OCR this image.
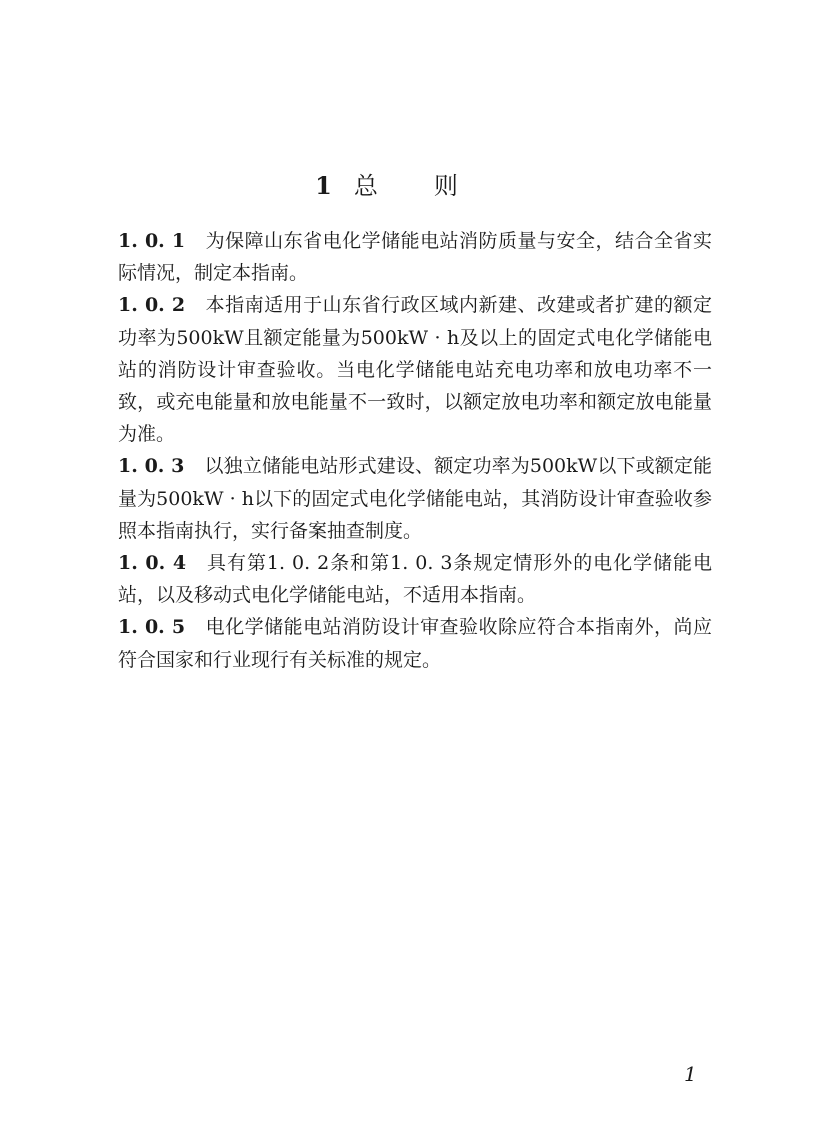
1 总则

1. 0. 1 为保障山东省电化学储能电站消防质量与安全，结合全省实际情况，制定本指南。

1. 0. 2 本指南适用于山东省行政区域内新建、改建或者扩建的额定功率为500kW且额定能量为500kW · h及以上的固定式电化学储能电站的消防设计审查验收。当电化学储能电站充电功率和放电功率不一致，或充电能量和放电能量不一致时，以额定放电功率和额定放电能量为准。

1. 0. 3 以独立储能电站形式建设、额定功率为500kW以下或额定能量为500kW · h以下的固定式电化学储能电站，其消防设计审查验收参照本指南执行，实行备案抽查制度。

1. 0. 4 具有第1. 0. 2条和第1. 0. 3条规定情形外的电化学储能电站，以及移动式电化学储能电站，不适用本指南。

1. 0. 5 电化学储能电站消防设计审查验收除应符合本指南外，尚应符合国家和行业现行有关标准的规定。

1
